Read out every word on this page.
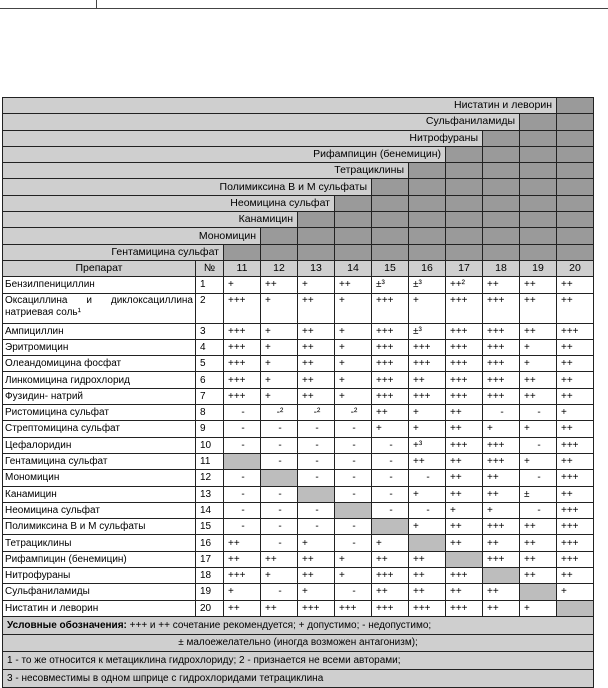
Нистатин и леворин											
Сульфаниламиды											
Нитрофураны											
Рифампицин (бенемицин)											
Тетрациклины											
Полимиксина В и М сульфаты											
Неомицина сульфат											
Канамицин											
Мономицин											
Гентамицина сульфат											
Препарат	№	11	12	13	14	15	16	17	18	19	20

Бензилпенициллин	1	+	++	+	++	±³	±³	++²	++	++	++

Оксациллина и диклоксациллина натриевая соль¹	2	+++	+	++	+	+++	+	+++	+++	++	++

Ампициллин	3	+++	+	++	+	+++	±³	+++	+++	++	+++

Эритромицин	4	+++	+	++	+	+++	+++	+++	+++	+	++

Олеандомицина фосфат	5	+++	+	++	+	+++	+++	+++	+++	+	++

Линкомицина гидрохлорид	6	+++	+	++	+	+++	++	+++	+++	++	++

Фузидин- натрий	7	+++	+	++	+	+++	+++	+++	+++	++	++

Ристомицина сульфат	8	-	-²	-²	-²	++	+	++	-	-	+

Стрептомицина сульфат	9	-	-	-	-	+	+	++	+	+	++

Цефалоридин	10	-	-	-	-	-	+³	+++	+++	-	+++

Гентамицина сульфат	11		-	-	-	-	++	++	+++	+	++

Мономицин	12	-		-	-	-	-	++	++	-	+++

Канамицин	13	-	-		-	-	+	++	++	±	++

Неомицина сульфат	14	-	-	-		-	-	+	+	-	+++

Полимиксина В и М сульфаты	15	-	-	-	-		+	++	+++	++	+++

Тетрациклины	16	++	-	+	-	+		++	++	++	+++

Рифампицин (бенемицин)	17	++	++	++	+	++	++		+++	++	+++

Нитрофураны	18	+++	+	++	+	+++	++	+++		++	++

Сульфаниламиды	19	+	-	+	-	++	++	++	++		+

Нистатин и леворин	20	++	++	+++	+++	+++	+++	+++	++	+	
Условные обозначения: +++ и ++ сочетание рекомендуется; + допустимо; - недопустимо;											
± малоежелательно (иногда возможен антагонизм);											
1 - то же относится к метациклина гидрохлориду; 2 - признается не всеми авторами;											
3 - несовместимы в одном шприце с гидрохлоридами тетрациклина											
